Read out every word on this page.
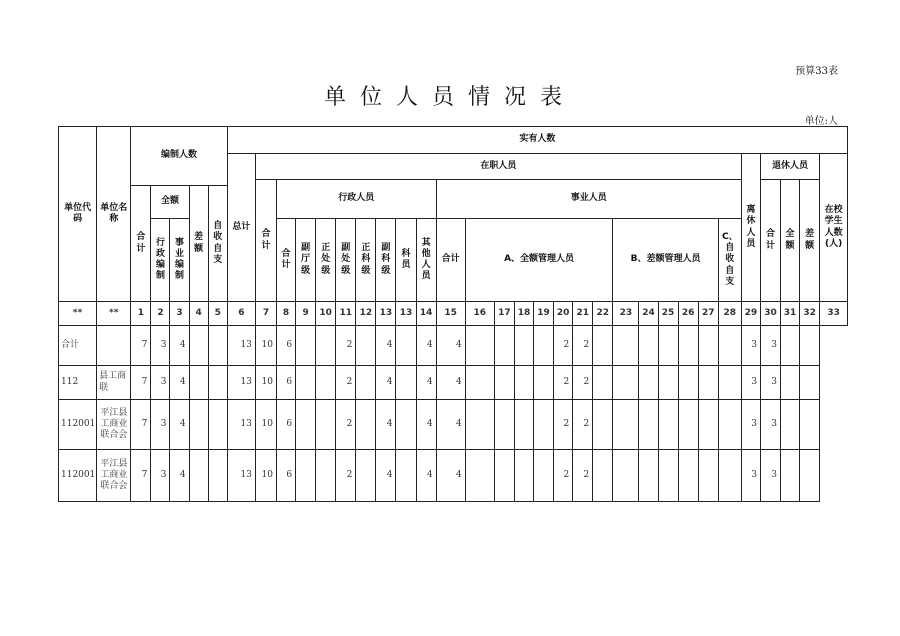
预算33表
单位人员情况表
单位:人
单位代码	单位名称	编制人数					实有人数																												
							总计	在职人员																							离休人员	退休人员			在校学生人数(人)
								合计	行政人员								事业人员															合计	全额	差额	
		合计	全额		差额	自收自支																													
			行政编制	事业编制					合计	副厅级	正处级	副处级	正科级	副科级	科员	其他人员	合计	A、全额管理人员							B、差额管理人员					C、自收自支					

**	**	1	2	3	4	5	6	7	8	9	10	11	12	13	13	14	15	16	17	18	19	20	21	22	23	24	25	26	27	28	29	30	31	32	33
合计		7	3	4			13	10	6			2		4		4	4					2	2								3	3			
112	县工商联	7	3	4			13	10	6			2		4		4	4					2	2								3	3			
112001	平江县工商业联合会	7	3	4			13	10	6			2		4		4	4					2	2								3	3			
112001	平江县工商业联合会	7	3	4			13	10	6			2		4		4	4					2	2								3	3			
